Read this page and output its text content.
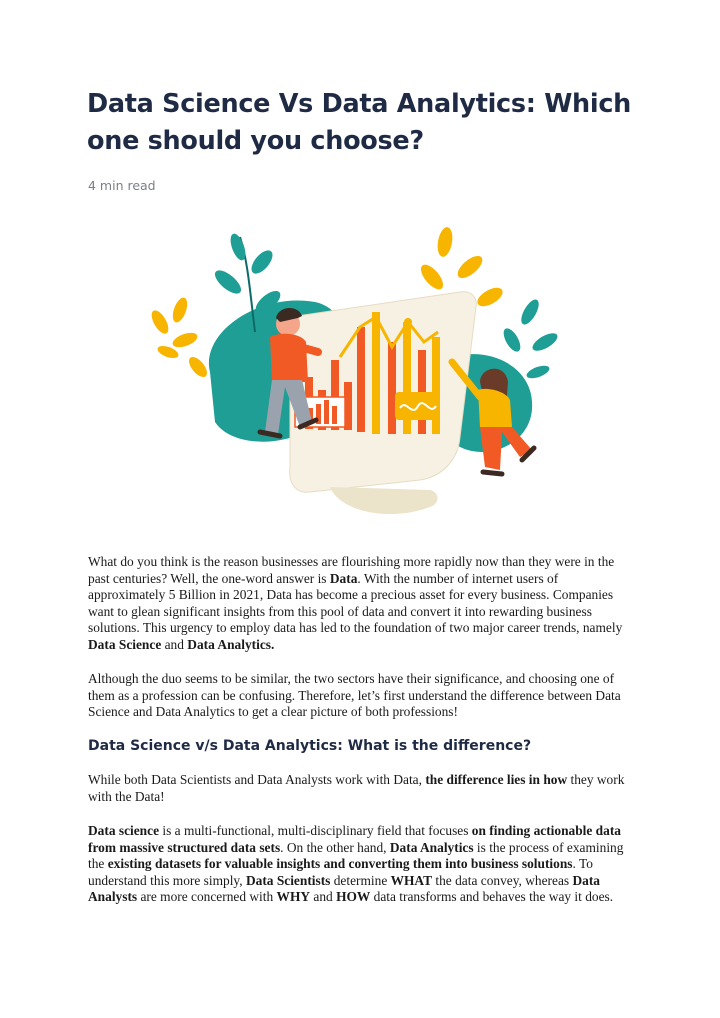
Data Science Vs Data Analytics: Which one should you choose?
4 min read

What do you think is the reason businesses are flourishing more rapidly now than they were in the past centuries? Well, the one-word answer is Data. With the number of internet users of approximately 5 Billion in 2021, Data has become a precious asset for every business. Companies want to glean significant insights from this pool of data and convert it into rewarding business solutions. This urgency to employ data has led to the foundation of two major career trends, namely Data Science and Data Analytics.

Although the duo seems to be similar, the two sectors have their significance, and choosing one of them as a profession can be confusing. Therefore, let’s first understand the difference between Data Science and Data Analytics to get a clear picture of both professions!

Data Science v/s Data Analytics: What is the difference?

While both Data Scientists and Data Analysts work with Data, the difference lies in how they work with the Data!

Data science is a multi-functional, multi-disciplinary field that focuses on finding actionable data from massive structured data sets. On the other hand, Data Analytics is the process of examining the existing datasets for valuable insights and converting them into business solutions. To understand this more simply, Data Scientists determine WHAT the data convey, whereas Data Analysts are more concerned with WHY and HOW data transforms and behaves the way it does.
